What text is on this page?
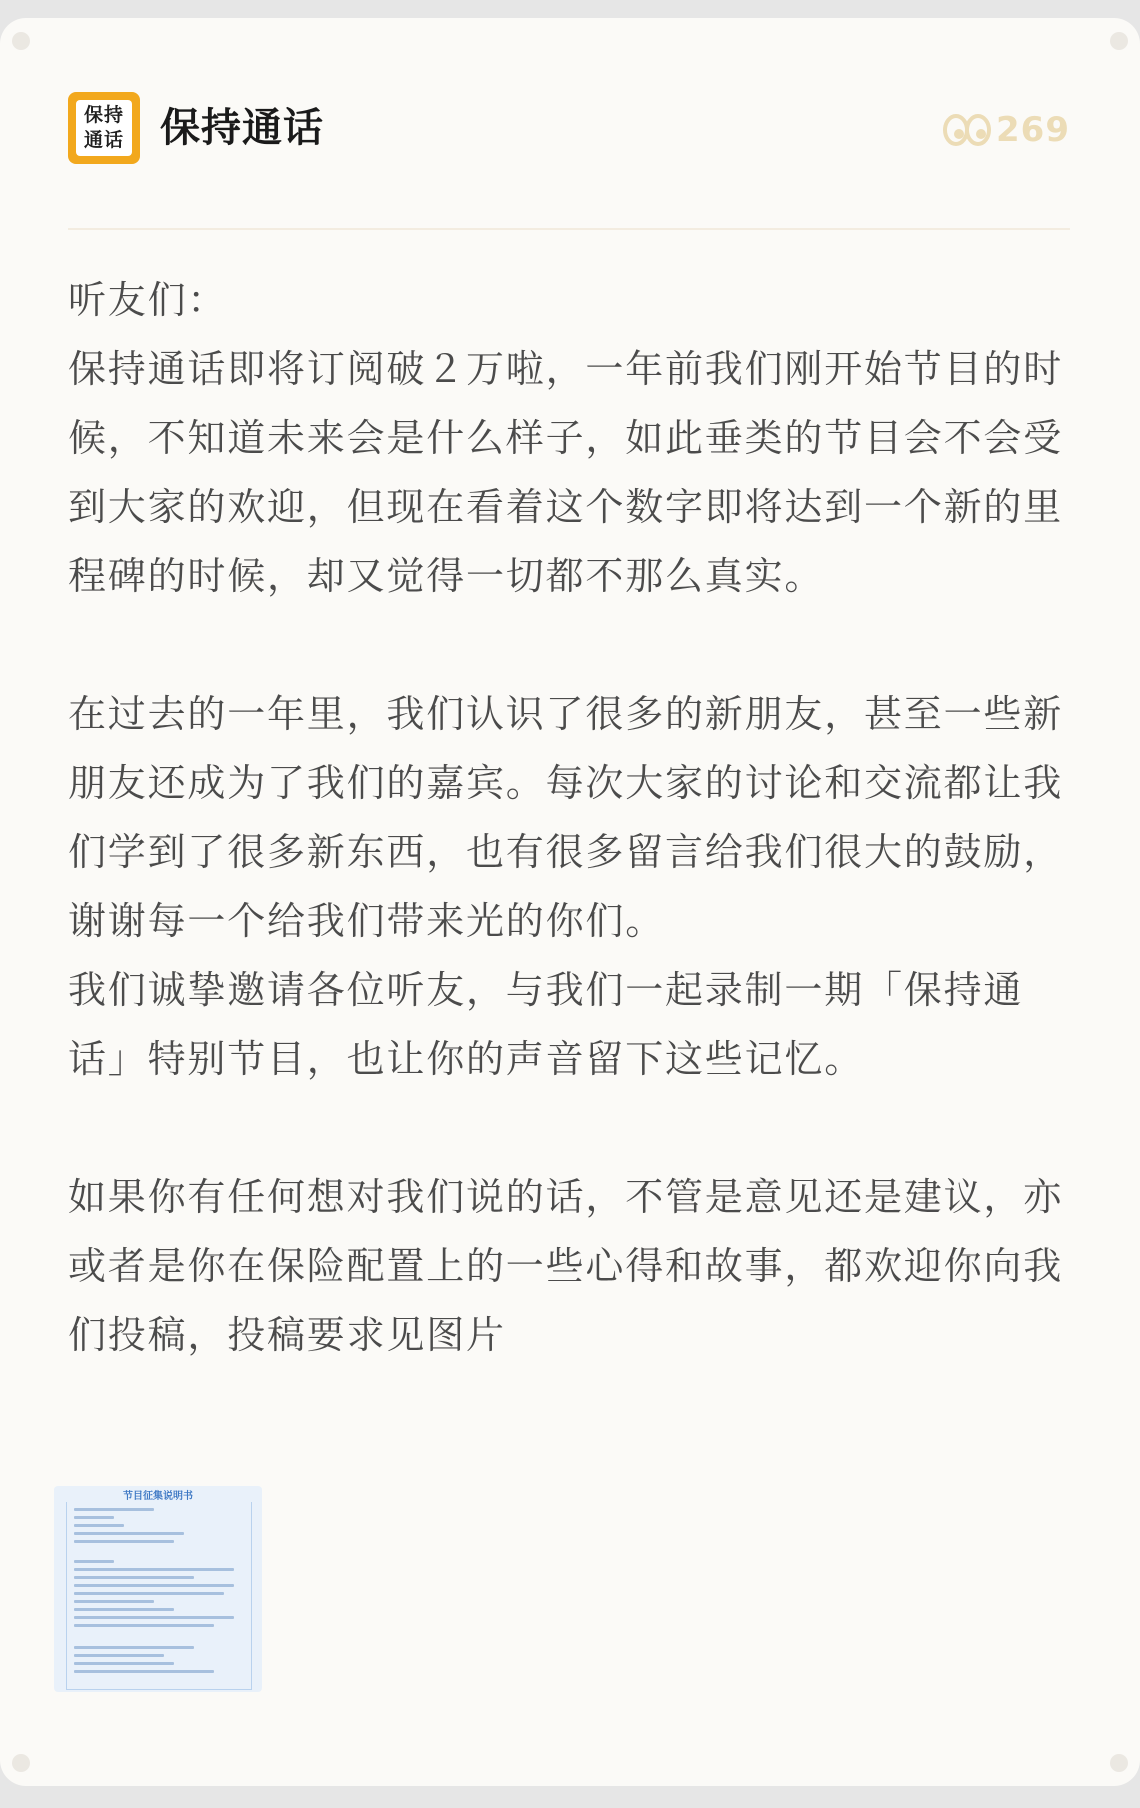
保持
通话 保持通话	269

听友们：

保持通话即将订阅破２万啦，一年前我们刚开始节目的时候，不知道未来会是什么样子，如此垂类的节目会不会受到大家的欢迎，但现在看着这个数字即将达到一个新的里程碑的时候，却又觉得一切都不那么真实。

在过去的一年里，我们认识了很多的新朋友，甚至一些新朋友还成为了我们的嘉宾。每次大家的讨论和交流都让我们学到了很多新东西，也有很多留言给我们很大的鼓励，谢谢每一个给我们带来光的你们。

我们诚挚邀请各位听友，与我们一起录制一期「保持通话」特别节目，也让你的声音留下这些记忆。

如果你有任何想对我们说的话，不管是意见还是建议，亦或者是你在保险配置上的一些心得和故事，都欢迎你向我们投稿，投稿要求见图片

节目征集说明书
